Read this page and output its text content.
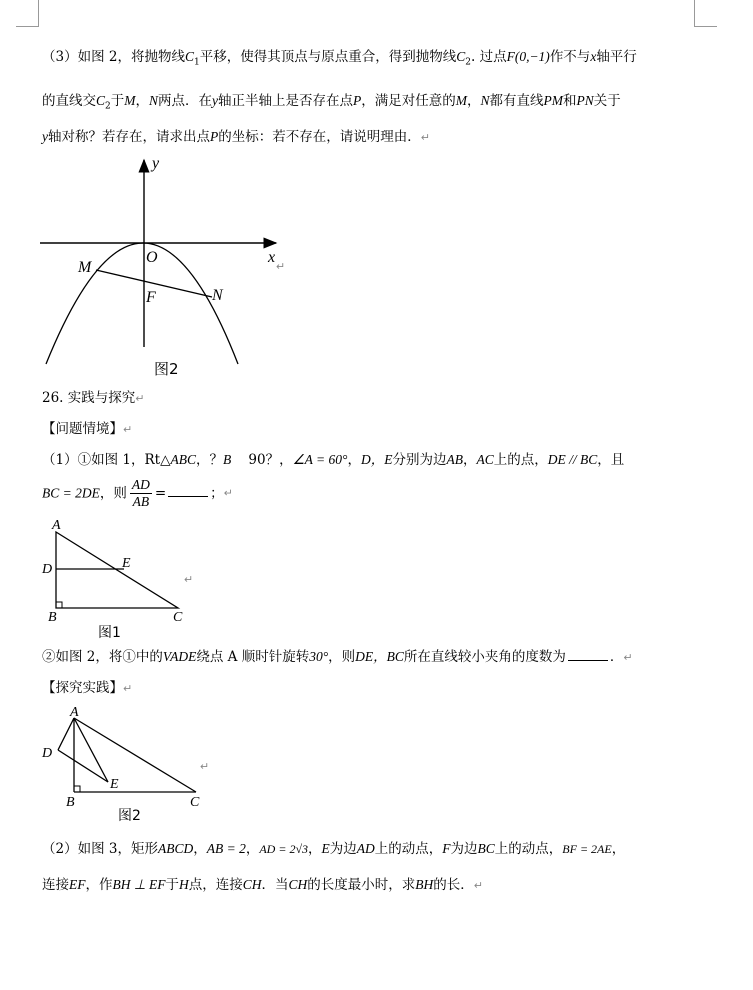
（3）如图 2，将抛物线$C_1$平移，使得其顶点与原点重合，得到抛物线$C_2$. 过点F(0,−1)作不与x轴平行
的直线交$C_2$于M，N两点．在y轴正半轴上是否存在点P，满足对任意的M，N都有直线PM和PN关于
y轴对称？若存在，请求出点P的坐标：若不存在，请说明理由．↵
y
x
O
M
N
F
↵
图2
26. 实践与探究↵
【问题情境】↵
（1）①如图 1，Rt△ABC，？B 90？，∠A = 60°，D，E分别为边AB，AC上的点，DE // BC，且
BC = 2DE，则 $\frac{AD}{AB}$ =	；↵
A
D	E
B	C
↵
图1
②如图 2，将①中的VADE绕点 A 顺时针旋转30°，则DE，BC所在直线较小夹角的度数为	．↵
【探究实践】↵
A
D
E
B	C
↵
图2
（2）如图 3，矩形ABCD，AB = 2，AD = 2√3，E为边AD上的动点，F为边BC上的动点，BF = 2AE，
连接EF，作BH ⊥ EF于H点，连接CH．当CH的长度最小时，求BH的长．↵
